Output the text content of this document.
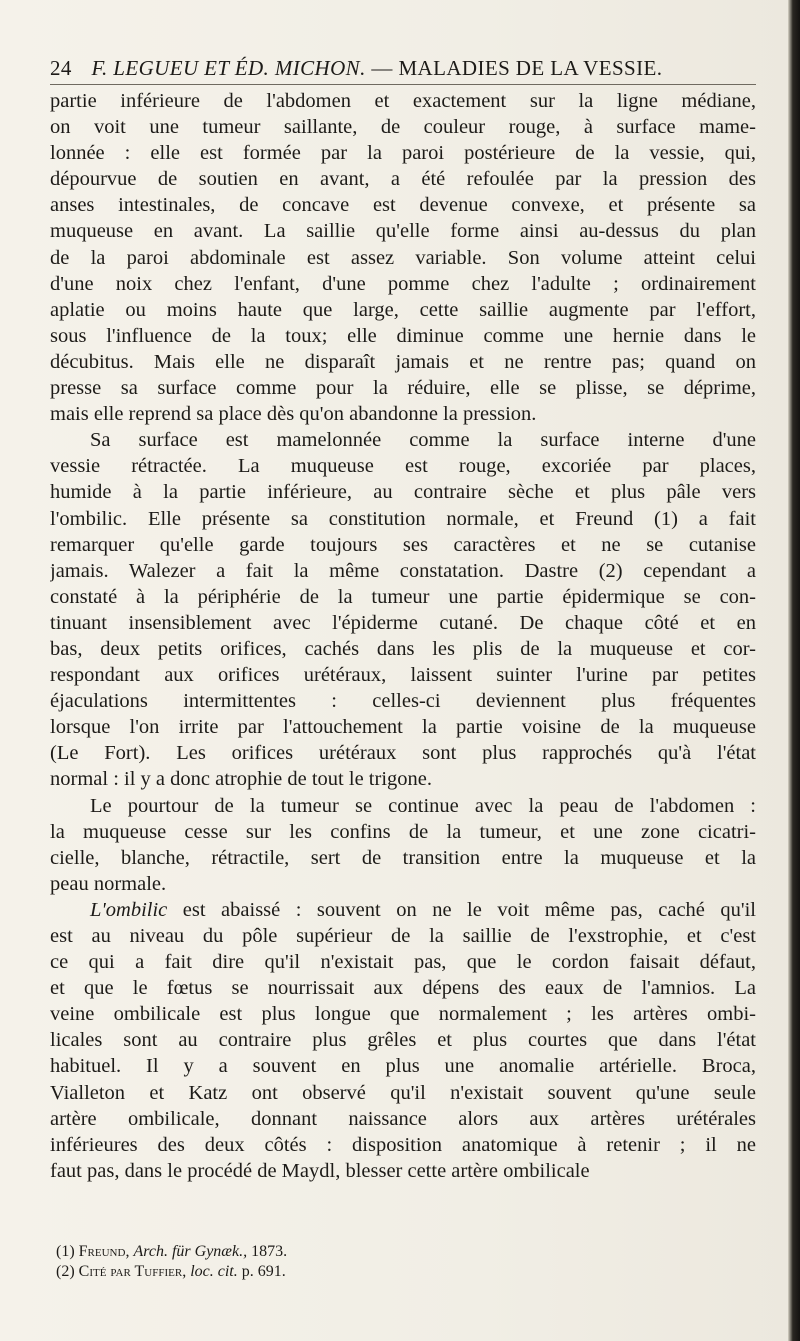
24 F. LEGUEU ET ÉD. MICHON. — MALADIES DE LA VESSIE.

partie inférieure de l'abdomen et exactement sur la ligne médiane,
on voit une tumeur saillante, de couleur rouge, à surface mame-
lonnée : elle est formée par la paroi postérieure de la vessie, qui,
dépourvue de soutien en avant, a été refoulée par la pression des
anses intestinales, de concave est devenue convexe, et présente sa
muqueuse en avant. La saillie qu'elle forme ainsi au-dessus du plan
de la paroi abdominale est assez variable. Son volume atteint celui
d'une noix chez l'enfant, d'une pomme chez l'adulte ; ordinairement
aplatie ou moins haute que large, cette saillie augmente par l'effort,
sous l'influence de la toux; elle diminue comme une hernie dans le
décubitus. Mais elle ne disparaît jamais et ne rentre pas; quand on
presse sa surface comme pour la réduire, elle se plisse, se déprime,
mais elle reprend sa place dès qu'on abandonne la pression.

Sa surface est mamelonnée comme la surface interne d'une
vessie rétractée. La muqueuse est rouge, excoriée par places,
humide à la partie inférieure, au contraire sèche et plus pâle vers
l'ombilic. Elle présente sa constitution normale, et Freund (1) a fait
remarquer qu'elle garde toujours ses caractères et ne se cutanise
jamais. Walezer a fait la même constatation. Dastre (2) cependant a
constaté à la périphérie de la tumeur une partie épidermique se con-
tinuant insensiblement avec l'épiderme cutané. De chaque côté et en
bas, deux petits orifices, cachés dans les plis de la muqueuse et cor-
respondant aux orifices urétéraux, laissent suinter l'urine par petites
éjaculations intermittentes : celles-ci deviennent plus fréquentes
lorsque l'on irrite par l'attouchement la partie voisine de la muqueuse
(Le Fort). Les orifices urétéraux sont plus rapprochés qu'à l'état
normal : il y a donc atrophie de tout le trigone.

Le pourtour de la tumeur se continue avec la peau de l'abdomen :
la muqueuse cesse sur les confins de la tumeur, et une zone cicatri-
cielle, blanche, rétractile, sert de transition entre la muqueuse et la
peau normale.

L'ombilic est abaissé : souvent on ne le voit même pas, caché qu'il
est au niveau du pôle supérieur de la saillie de l'exstrophie, et c'est
ce qui a fait dire qu'il n'existait pas, que le cordon faisait défaut,
et que le fœtus se nourrissait aux dépens des eaux de l'amnios. La
veine ombilicale est plus longue que normalement ; les artères ombi-
licales sont au contraire plus grêles et plus courtes que dans l'état
habituel. Il y a souvent en plus une anomalie artérielle. Broca,
Vialleton et Katz ont observé qu'il n'existait souvent qu'une seule
artère ombilicale, donnant naissance alors aux artères urétérales
inférieures des deux côtés : disposition anatomique à retenir ; il ne
faut pas, dans le procédé de Maydl, blesser cette artère ombilicale

(1) Freund, Arch. für Gynæk., 1873.
(2) Cité par Tuffier, loc. cit. p. 691.
